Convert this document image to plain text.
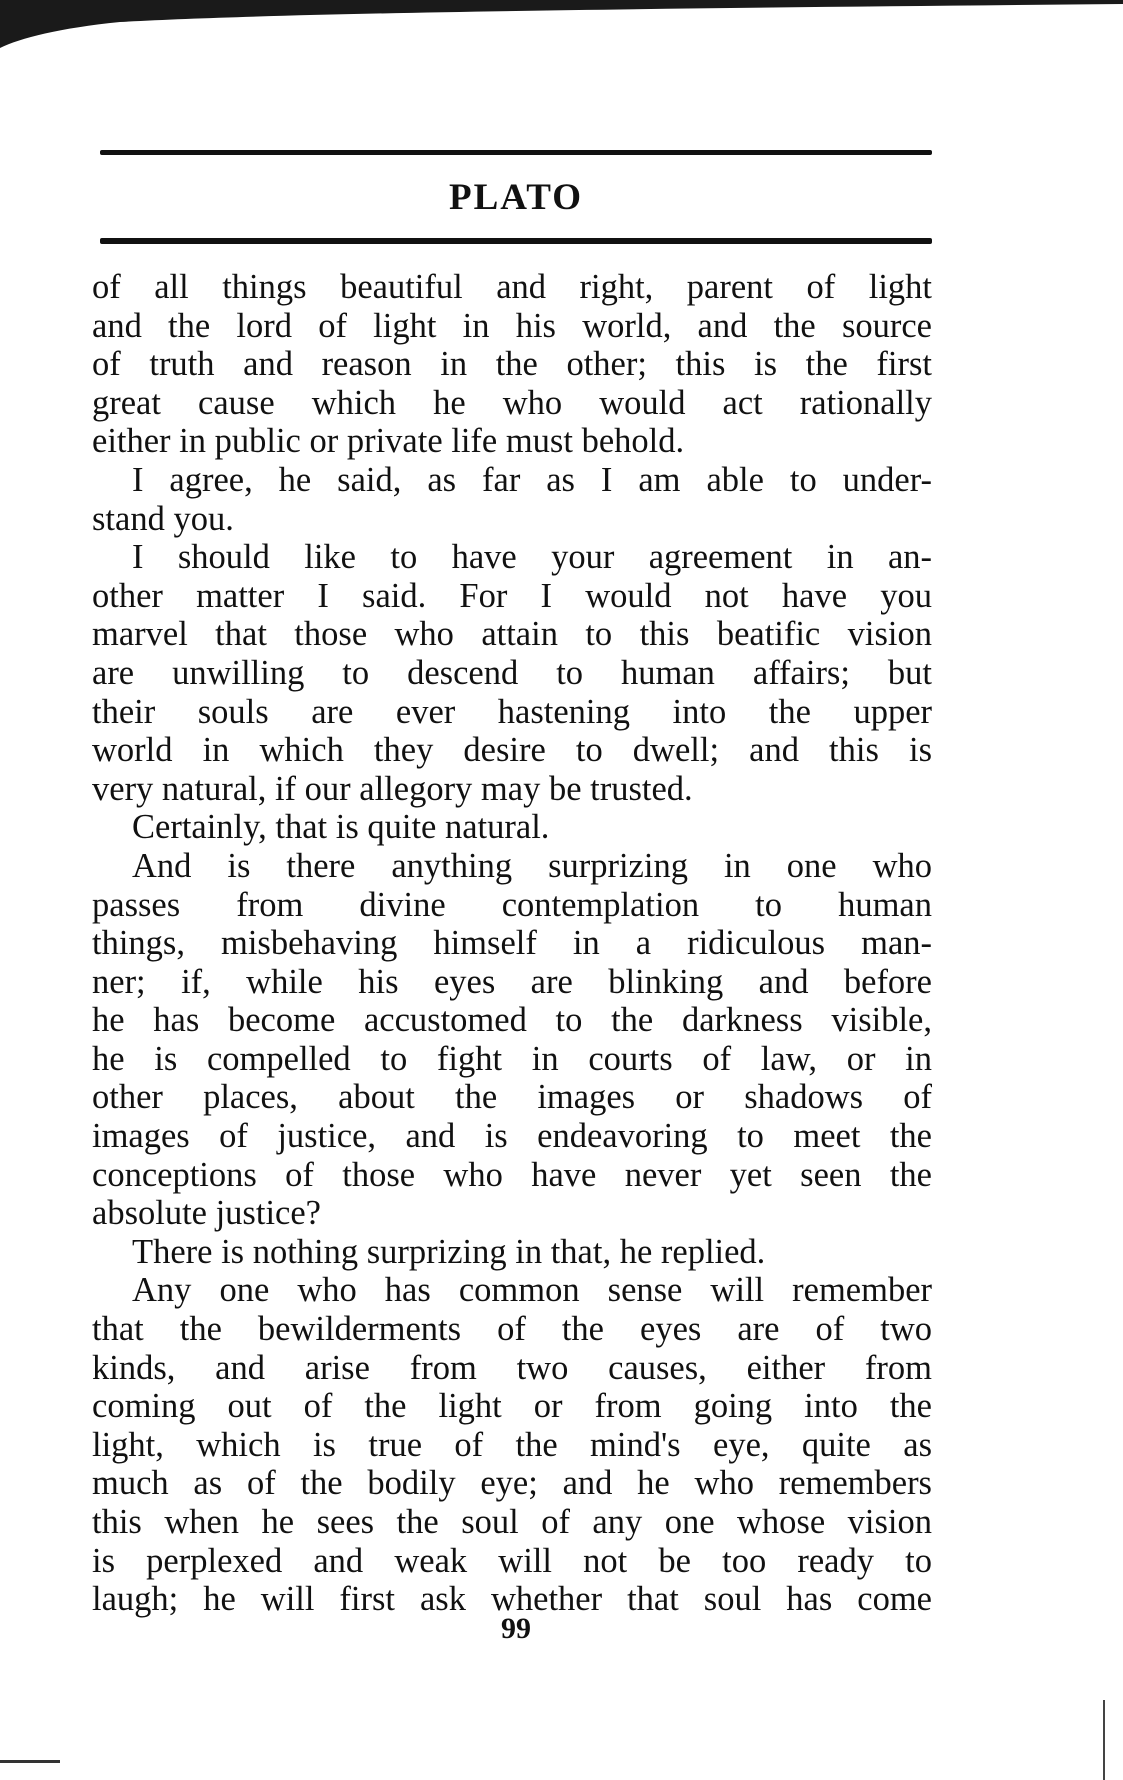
PLATO
of all things beautiful and right, parent of light
and the lord of light in his world, and the source
of truth and reason in the other; this is the first
great cause which he who would act rationally
either in public or private life must behold.
I agree, he said, as far as I am able to under-
stand you.
I should like to have your agreement in an-
other matter I said. For I would not have you
marvel that those who attain to this beatific vision
are unwilling to descend to human affairs; but
their souls are ever hastening into the upper
world in which they desire to dwell; and this is
very natural, if our allegory may be trusted.
Certainly, that is quite natural.
And is there anything surprizing in one who
passes from divine contemplation to human
things, misbehaving himself in a ridiculous man-
ner; if, while his eyes are blinking and before
he has become accustomed to the darkness visible,
he is compelled to fight in courts of law, or in
other places, about the images or shadows of
images of justice, and is endeavoring to meet the
conceptions of those who have never yet seen the
absolute justice?
There is nothing surprizing in that, he replied.
Any one who has common sense will remember
that the bewilderments of the eyes are of two
kinds, and arise from two causes, either from
coming out of the light or from going into the
light, which is true of the mind's eye, quite as
much as of the bodily eye; and he who remembers
this when he sees the soul of any one whose vision
is perplexed and weak will not be too ready to
laugh; he will first ask whether that soul has come
99
